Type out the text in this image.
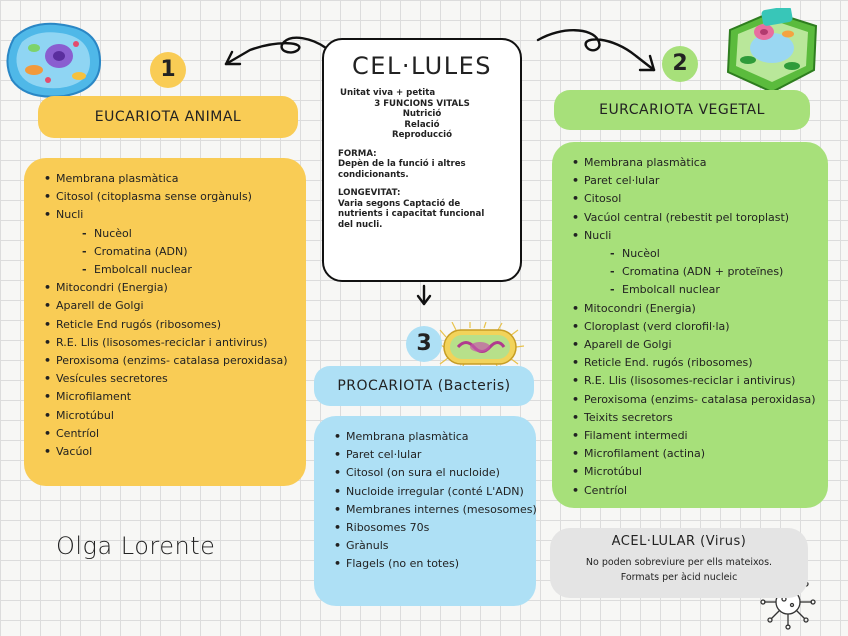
1	2
3
CEL·LULES

Unitat viva + petita

3 FUNCIONS VITALS

Nutrició

Relació

Reproducció

FORMA:

Depèn de la funció i altres

condicionants.

LONGEVITAT:

Varia segons Captació de

nutrients i capacitat funcional

del nucli.

EUCARIOTA ANIMAL
• Membrana plasmàtica
• Citosol (citoplasma sense orgànuls)
• Nucli
- Nucèol
- Cromatina (ADN)
- Embolcall nuclear
• Mitocondri (Energia)
• Aparell de Golgi
• Reticle End rugós (ribosomes)
• R.E. Llis (lisosomes-reciclar i antivirus)
• Peroxisoma (enzims- catalasa peroxidasa)
• Vesícules secretores
• Microfilament
• Microtúbul
• Centríol
• Vacúol
EURCARIOTA VEGETAL
• Membrana plasmàtica
• Paret cel·lular
• Citosol
• Vacúol central (rebestit pel toroplast)
• Nucli
- Nucèol
- Cromatina (ADN + proteïnes)
- Embolcall nuclear
• Mitocondri (Energia)
• Cloroplast (verd clorofil·la)
• Aparell de Golgi
• Reticle End. rugós (ribosomes)
• R.E. Llis (lisosomes-reciclar i antivirus)
• Peroxisoma (enzims- catalasa peroxidasa)
• Teixits secretors
• Filament intermedi
• Microfilament (actina)
• Microtúbul
• Centríol
PROCARIOTA (Bacteris)
• Membrana plasmàtica
• Paret cel·lular
• Citosol (on sura el nucloide)
• Nucloide irregular (conté L'ADN)
• Membranes internes (mesosomes)
• Ribosomes 70s
• Grànuls
• Flagels (no en totes)
ACEL·LULAR (Virus)
No poden sobreviure per ells mateixos.
Formats per àcid nucleic
Olga Lorente
